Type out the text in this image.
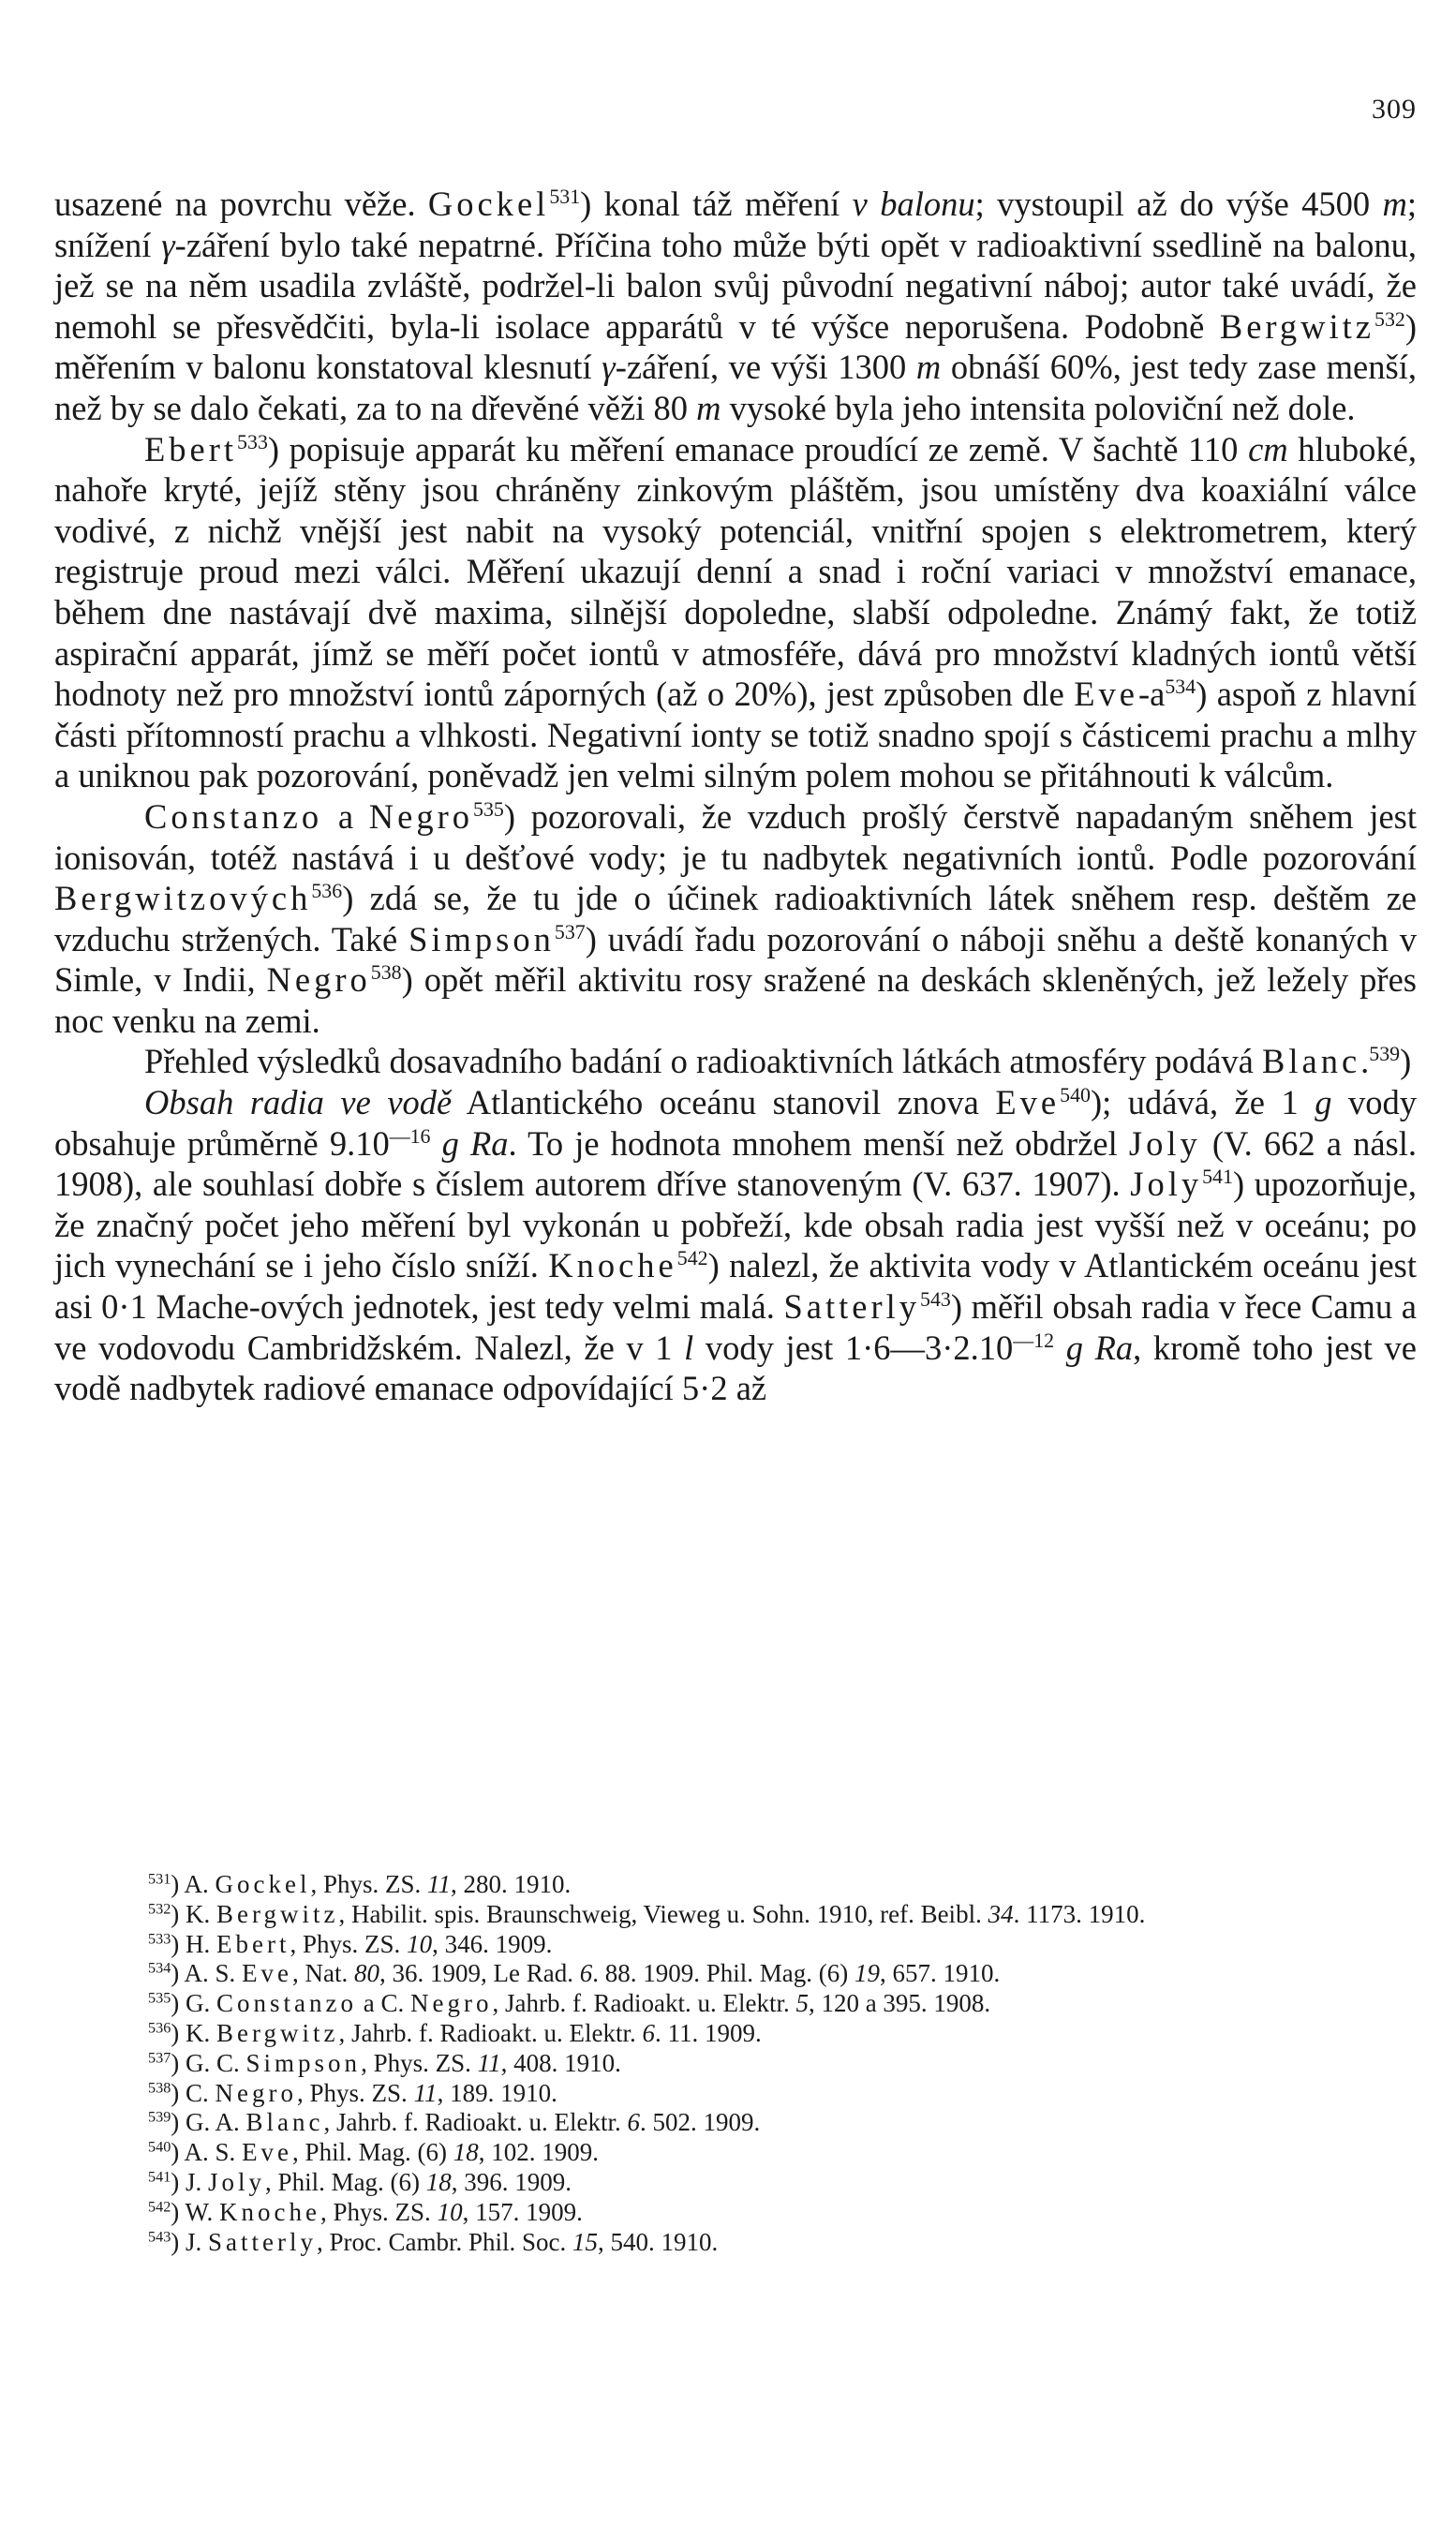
309

usazené na povrchu věže. Gockel$^{531}$) konal táž měření v balonu; vystoupil až do výše 4500 m; snížení γ-záření bylo také nepatrné. Příčina toho může býti opět v radioaktivní ssedlině na balonu, jež se na něm usadila zvláště, podržel-li balon svůj původní negativní náboj; autor také uvádí, že nemohl se přesvědčiti, byla-li isolace apparátů v té výšce neporušena. Podobně Bergwitz$^{532}$) měřením v balonu konstatoval klesnutí γ-záření, ve výši 1300 m obnáší 60%, jest tedy zase menší, než by se dalo čekati, za to na dřevěné věži 80 m vysoké byla jeho intensita poloviční než dole.

Ebert$^{533}$) popisuje apparát ku měření emanace proudící ze země. V šachtě 110 cm hluboké, nahoře kryté, jejíž stěny jsou chráněny zinkovým pláštěm, jsou umístěny dva koaxiální válce vodivé, z nichž vnější jest nabit na vysoký potenciál, vnitřní spojen s elektrometrem, který registruje proud mezi válci. Měření ukazují denní a snad i roční variaci v množství emanace, během dne nastávají dvě maxima, silnější dopoledne, slabší odpoledne. Známý fakt, že totiž aspirační apparát, jímž se měří počet iontů v atmosféře, dává pro množství kladných iontů větší hodnoty než pro množství iontů záporných (až o 20%), jest způsoben dle Eve-$a^{534}$) aspoň z hlavní části přítomností prachu a vlhkosti. Negativní ionty se totiž snadno spojí s částicemi prachu a mlhy a uniknou pak pozorování, poněvadž jen velmi silným polem mohou se přitáhnouti k válcům.

Constanzo a Negro$^{535}$) pozorovali, že vzduch prošlý čerstvě napadaným sněhem jest ionisován, totéž nastává i u dešťové vody; je tu nadbytek negativních iontů. Podle pozorování Bergwitzových$^{536}$) zdá se, že tu jde o účinek radioaktivních látek sněhem resp. deštěm ze vzduchu stržených. Také Simpson$^{537}$) uvádí řadu pozorování o náboji sněhu a deště konaných v Simle, v Indii, Negro$^{538}$) opět měřil aktivitu rosy sražené na deskách skleněných, jež ležely přes noc venku na zemi.

Přehled výsledků dosavadního badání o radioaktivních látkách atmosféry podává Blanc.$^{539}$)

Obsah radia ve vodě Atlantického oceánu stanovil znova Eve$^{540}$); udává, že 1 g vody obsahuje průměrně $9.10^{—16}$ g Ra. To je hodnota mnohem menší než obdržel Joly (V. 662 a násl. 1908), ale souhlasí dobře s číslem autorem dříve stanoveným (V. 637. 1907). Joly$^{541}$) upozorňuje, že značný počet jeho měření byl vykonán u pobřeží, kde obsah radia jest vyšší než v oceánu; po jich vynechání se i jeho číslo sníží. Knoche$^{542}$) nalezl, že aktivita vody v Atlantickém oceánu jest asi 0·1 Mache-ových jednotek, jest tedy velmi malá. Satterly$^{543}$) měřil obsah radia v řece Camu a ve vodovodu Cambridžském. Nalezl, že v 1 l vody jest $1\cdot 6—3\cdot 2.10^{—12}$ g Ra, kromě toho jest ve vodě nadbytek radiové emanace odpovídající 5·2 až

$^{531}$) A. Gockel, Phys. ZS. 11, 280. 1910.

$^{532}$) K. Bergwitz, Habilit. spis. Braunschweig, Vieweg u. Sohn. 1910, ref. Beibl. 34. 1173. 1910.

$^{533}$) H. Ebert, Phys. ZS. 10, 346. 1909.

$^{534}$) A. S. Eve, Nat. 80, 36. 1909, Le Rad. 6. 88. 1909. Phil. Mag. (6) 19, 657. 1910.

$^{535}$) G. Constanzo a C. Negro, Jahrb. f. Radioakt. u. Elektr. 5, 120 a 395. 1908.

$^{536}$) K. Bergwitz, Jahrb. f. Radioakt. u. Elektr. 6. 11. 1909.

$^{537}$) G. C. Simpson, Phys. ZS. 11, 408. 1910.

$^{538}$) C. Negro, Phys. ZS. 11, 189. 1910.

$^{539}$) G. A. Blanc, Jahrb. f. Radioakt. u. Elektr. 6. 502. 1909.

$^{540}$) A. S. Eve, Phil. Mag. (6) 18, 102. 1909.

$^{541}$) J. Joly, Phil. Mag. (6) 18, 396. 1909.

$^{542}$) W. Knoche, Phys. ZS. 10, 157. 1909.

$^{543}$) J. Satterly, Proc. Cambr. Phil. Soc. 15, 540. 1910.
